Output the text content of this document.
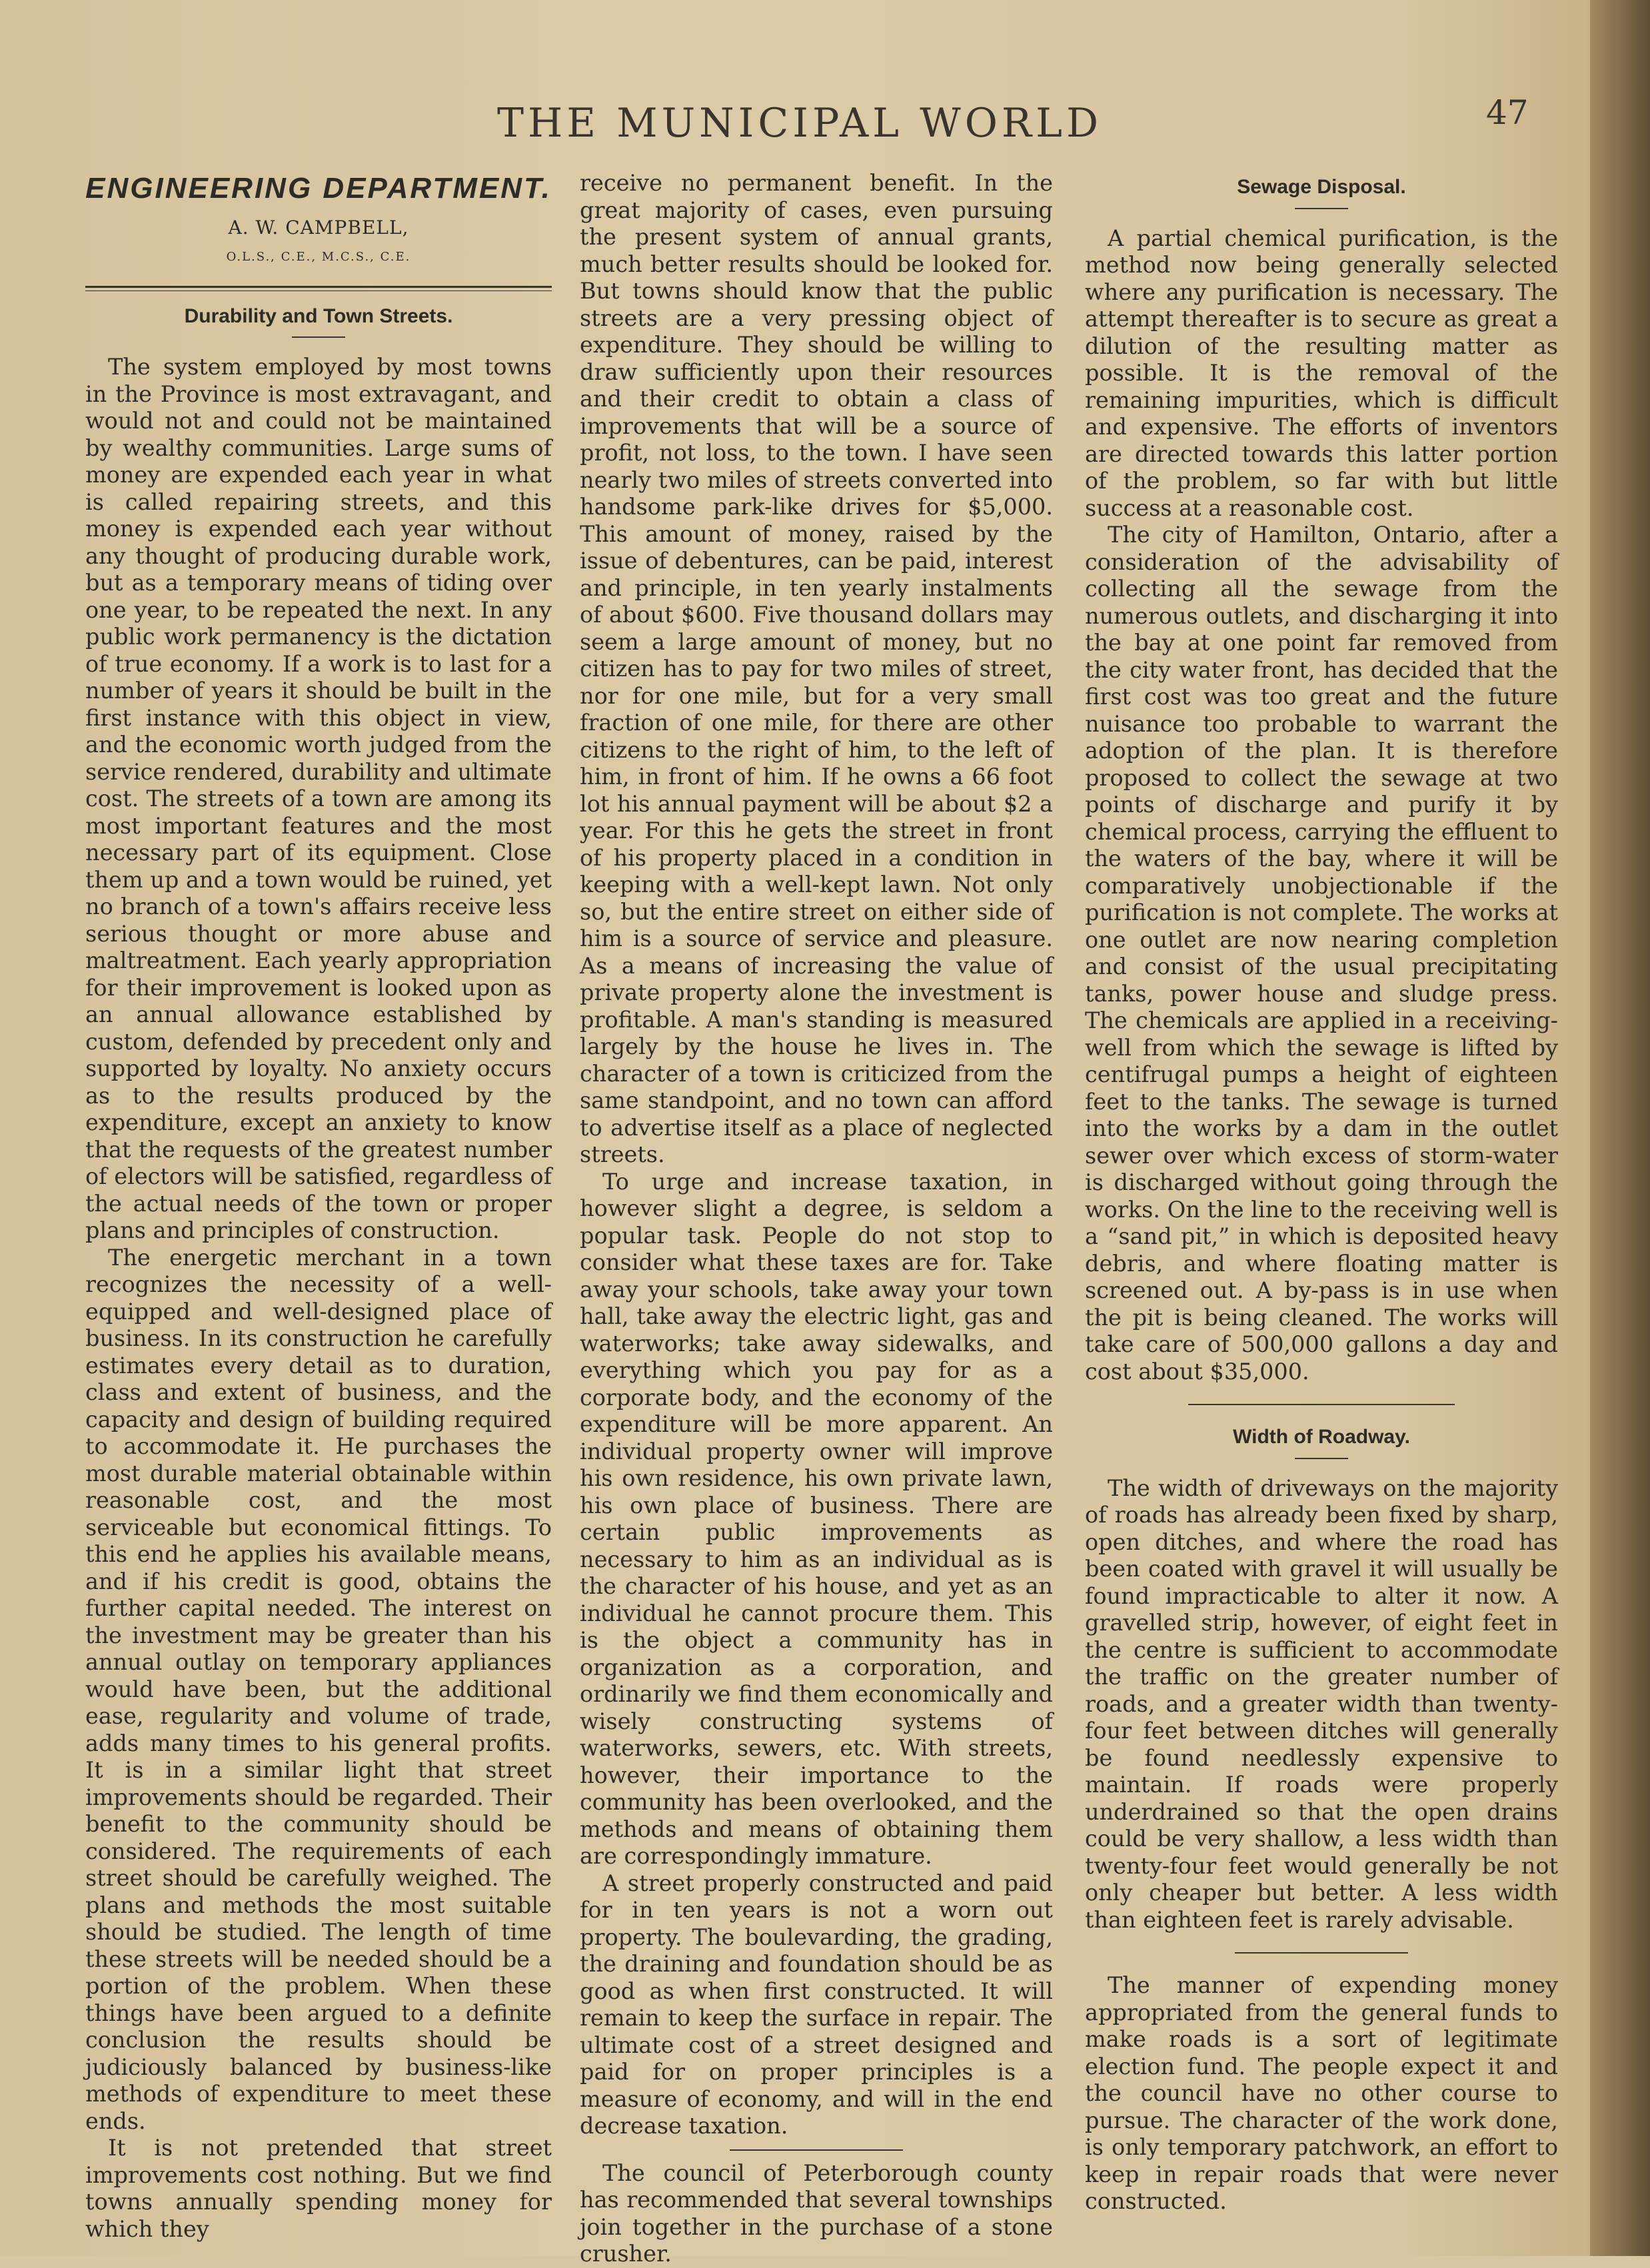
THE MUNICIPAL WORLD	47
ENGINEERING DEPARTMENT.
A. W. CAMPBELL,
O.L.S., C.E., M.C.S., C.E.
Durability and Town Streets.

The system employed by most towns in the Province is most extravagant, and would not and could not be maintained by wealthy communities. Large sums of money are expended each year in what is called repairing streets, and this money is expended each year without any thought of producing durable work, but as a temporary means of tiding over one year, to be repeated the next. In any public work permanency is the dictation of true economy. If a work is to last for a number of years it should be built in the first instance with this object in view, and the economic worth judged from the service rendered, durability and ultimate cost. The streets of a town are among its most important features and the most necessary part of its equipment. Close them up and a town would be ruined, yet no branch of a town's affairs receive less serious thought or more abuse and maltreatment. Each yearly appropriation for their improvement is looked upon as an annual allowance established by custom, defended by precedent only and supported by loyalty. No anxiety occurs as to the results produced by the expenditure, except an anxiety to know that the requests of the greatest number of electors will be satisfied, regardless of the actual needs of the town or proper plans and principles of construction.

The energetic merchant in a town recognizes the necessity of a well-equipped and well-designed place of business. In its construction he carefully estimates every detail as to duration, class and extent of business, and the capacity and design of building required to accommodate it. He purchases the most durable material obtainable within reasonable cost, and the most serviceable but economical fittings. To this end he applies his available means, and if his credit is good, obtains the further capital needed. The interest on the investment may be greater than his annual outlay on temporary appliances would have been, but the additional ease, regularity and volume of trade, adds many times to his general profits. It is in a similar light that street improvements should be regarded. Their benefit to the community should be considered. The requirements of each street should be carefully weighed. The plans and methods the most suitable should be studied. The length of time these streets will be needed should be a portion of the problem. When these things have been argued to a definite conclusion the results should be judiciously balanced by business-like methods of expenditure to meet these ends.

It is not pretended that street improvements cost nothing. But we find towns annually spending money for which they

receive no permanent benefit. In the great majority of cases, even pursuing the present system of annual grants, much better results should be looked for. But towns should know that the public streets are a very pressing object of expenditure. They should be willing to draw sufficiently upon their resources and their credit to obtain a class of improvements that will be a source of profit, not loss, to the town. I have seen nearly two miles of streets converted into handsome park-like drives for $5,000. This amount of money, raised by the issue of debentures, can be paid, interest and principle, in ten yearly instalments of about $600. Five thousand dollars may seem a large amount of money, but no citizen has to pay for two miles of street, nor for one mile, but for a very small fraction of one mile, for there are other citizens to the right of him, to the left of him, in front of him. If he owns a 66 foot lot his annual payment will be about $2 a year. For this he gets the street in front of his property placed in a condition in keeping with a well-kept lawn. Not only so, but the entire street on either side of him is a source of service and pleasure. As a means of increasing the value of private property alone the investment is profitable. A man's standing is measured largely by the house he lives in. The character of a town is criticized from the same standpoint, and no town can afford to advertise itself as a place of neglected streets.

To urge and increase taxation, in however slight a degree, is seldom a popular task. People do not stop to consider what these taxes are for. Take away your schools, take away your town hall, take away the electric light, gas and waterworks; take away sidewalks, and everything which you pay for as a corporate body, and the economy of the expenditure will be more apparent. An individual property owner will improve his own residence, his own private lawn, his own place of business. There are certain public improvements as necessary to him as an individual as is the character of his house, and yet as an individual he cannot procure them. This is the object a community has in organization as a corporation, and ordinarily we find them economically and wisely constructing systems of waterworks, sewers, etc. With streets, however, their importance to the community has been overlooked, and the methods and means of obtaining them are correspondingly immature.

A street properly constructed and paid for in ten years is not a worn out property. The boulevarding, the grading, the draining and foundation should be as good as when first constructed. It will remain to keep the surface in repair. The ultimate cost of a street designed and paid for on proper principles is a measure of economy, and will in the end decrease taxation.

The council of Peterborough county has recommended that several townships join together in the purchase of a stone crusher.

Sewage Disposal.

A partial chemical purification, is the method now being generally selected where any purification is necessary. The attempt thereafter is to secure as great a dilution of the resulting matter as possible. It is the removal of the remaining impurities, which is difficult and expensive. The efforts of inventors are directed towards this latter portion of the problem, so far with but little success at a reasonable cost.

The city of Hamilton, Ontario, after a consideration of the advisability of collecting all the sewage from the numerous outlets, and discharging it into the bay at one point far removed from the city water front, has decided that the first cost was too great and the future nuisance too probable to warrant the adoption of the plan. It is therefore proposed to collect the sewage at two points of discharge and purify it by chemical process, carrying the effluent to the waters of the bay, where it will be comparatively unobjectionable if the purification is not complete. The works at one outlet are now nearing completion and consist of the usual precipitating tanks, power house and sludge press. The chemicals are applied in a receiving-well from which the sewage is lifted by centifrugal pumps a height of eighteen feet to the tanks. The sewage is turned into the works by a dam in the outlet sewer over which excess of storm-water is discharged without going through the works. On the line to the receiving well is a “sand pit,” in which is deposited heavy debris, and where floating matter is screened out. A by-pass is in use when the pit is being cleaned. The works will take care of 500,000 gallons a day and cost about $35,000.

Width of Roadway.

The width of driveways on the majority of roads has already been fixed by sharp, open ditches, and where the road has been coated with gravel it will usually be found impracticable to alter it now. A gravelled strip, however, of eight feet in the centre is sufficient to accommodate the traffic on the greater number of roads, and a greater width than twenty-four feet between ditches will generally be found needlessly expensive to maintain. If roads were properly underdrained so that the open drains could be very shallow, a less width than twenty-four feet would generally be not only cheaper but better. A less width than eighteen feet is rarely advisable.

The manner of expending money appropriated from the general funds to make roads is a sort of legitimate election fund. The people expect it and the council have no other course to pursue. The character of the work done, is only temporary patchwork, an effort to keep in repair roads that were never constructed.
